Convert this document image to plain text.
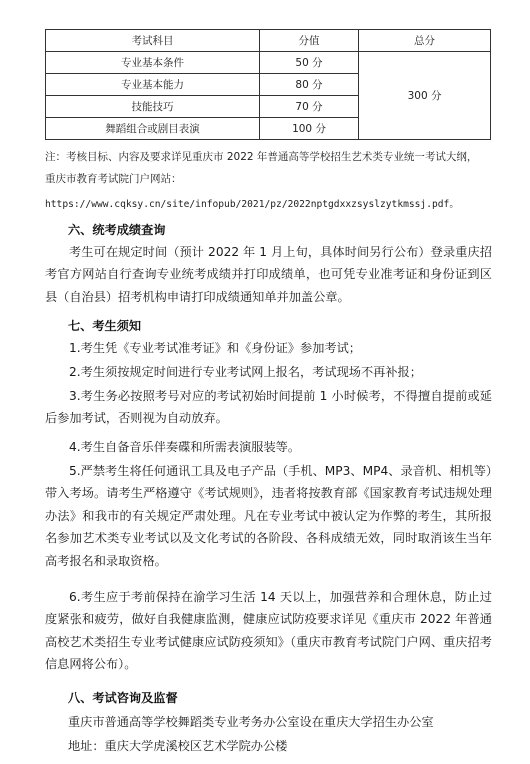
考试科目	分值	总分
专业基本条件	50 分	300 分
专业基本能力	80 分	
技能技巧	70 分	
舞蹈组合或剧目表演	100 分	
注：考核目标、内容及要求详见重庆市 2022 年普通高等学校招生艺术类专业统一考试大纲，
重庆市教育考试院门户网站：
https://www.cqksy.cn/site/infopub/2021/pz/2022nptgdxxzsyslzytkmssj.pdf。
六、统考成绩查询
考生可在规定时间（预计 2022 年 1 月上旬，具体时间另行公布）登录重庆招考官方网站自行查询专业统考成绩并打印成绩单，也可凭专业准考证和身份证到区县（自治县）招考机构申请打印成绩通知单并加盖公章。
七、考生须知
1.考生凭《专业考试准考证》和《身份证》参加考试；
2.考生须按规定时间进行专业考试网上报名，考试现场不再补报；
3.考生务必按照考号对应的考试初始时间提前 1 小时候考，不得擅自提前或延后参加考试，否则视为自动放弃。
4.考生自备音乐伴奏碟和所需表演服装等。
5.严禁考生将任何通讯工具及电子产品（手机、MP3、MP4、录音机、相机等）带入考场。请考生严格遵守《考试规则》，违者将按教育部《国家教育考试违规处理办法》和我市的有关规定严肃处理。凡在专业考试中被认定为作弊的考生，其所报名参加艺术类专业考试以及文化考试的各阶段、各科成绩无效，同时取消该生当年高考报名和录取资格。
6.考生应于考前保持在渝学习生活 14 天以上，加强营养和合理休息，防止过度紧张和疲劳，做好自我健康监测，健康应试防疫要求详见《重庆市 2022 年普通高校艺术类招生专业考试健康应试防疫须知》（重庆市教育考试院门户网、重庆招考信息网将公布）。
八、考试咨询及监督
重庆市普通高等学校舞蹈类专业考务办公室设在重庆大学招生办公室
地址：重庆大学虎溪校区艺术学院办公楼
